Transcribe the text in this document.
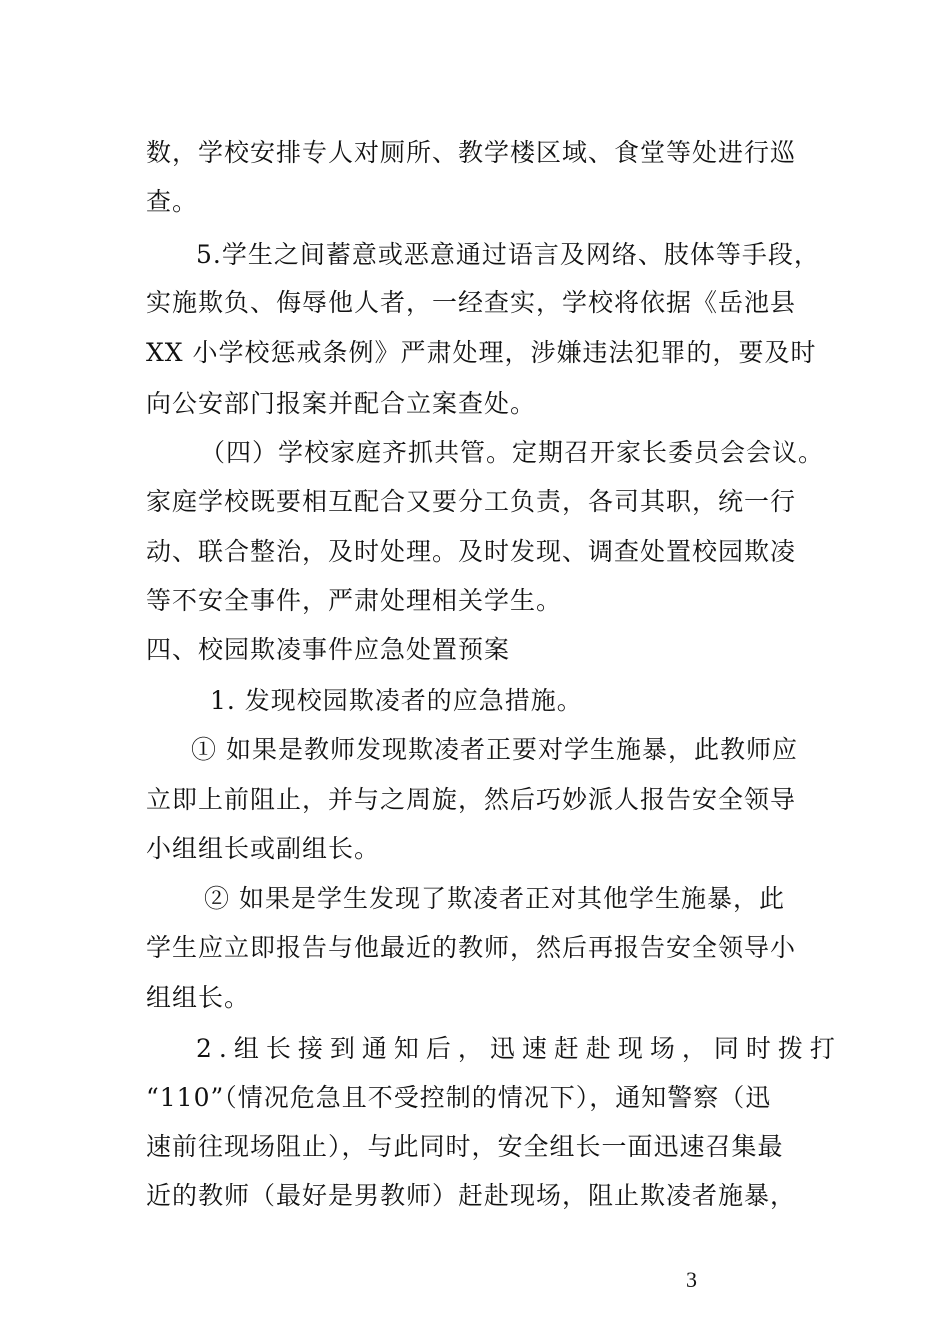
数，学校安排专人对厕所、教学楼区域、食堂等处进行巡

查。

5.学生之间蓄意或恶意通过语言及网络、肢体等手段，

实施欺负、侮辱他人者，一经查实，学校将依据《岳池县

XX 小学校惩戒条例》严肃处理，涉嫌违法犯罪的，要及时

向公安部门报案并配合立案查处。

（四）学校家庭齐抓共管。定期召开家长委员会会议。

家庭学校既要相互配合又要分工负责，各司其职，统一行

动、联合整治，及时处理。及时发现、调查处置校园欺凌

等不安全事件，严肃处理相关学生。

四、校园欺凌事件应急处置预案

1. 发现校园欺凌者的应急措施。

① 如果是教师发现欺凌者正要对学生施暴，此教师应

立即上前阻止，并与之周旋，然后巧妙派人报告安全领导

小组组长或副组长。

② 如果是学生发现了欺凌者正对其他学生施暴，此

学生应立即报告与他最近的教师，然后再报告安全领导小

组组长。

2.组长接到通知后，迅速赶赴现场，同时拨打

“110”（情况危急且不受控制的情况下），通知警察（迅

速前往现场阻止），与此同时，安全组长一面迅速召集最

近的教师（最好是男教师）赶赴现场，阻止欺凌者施暴，

3
